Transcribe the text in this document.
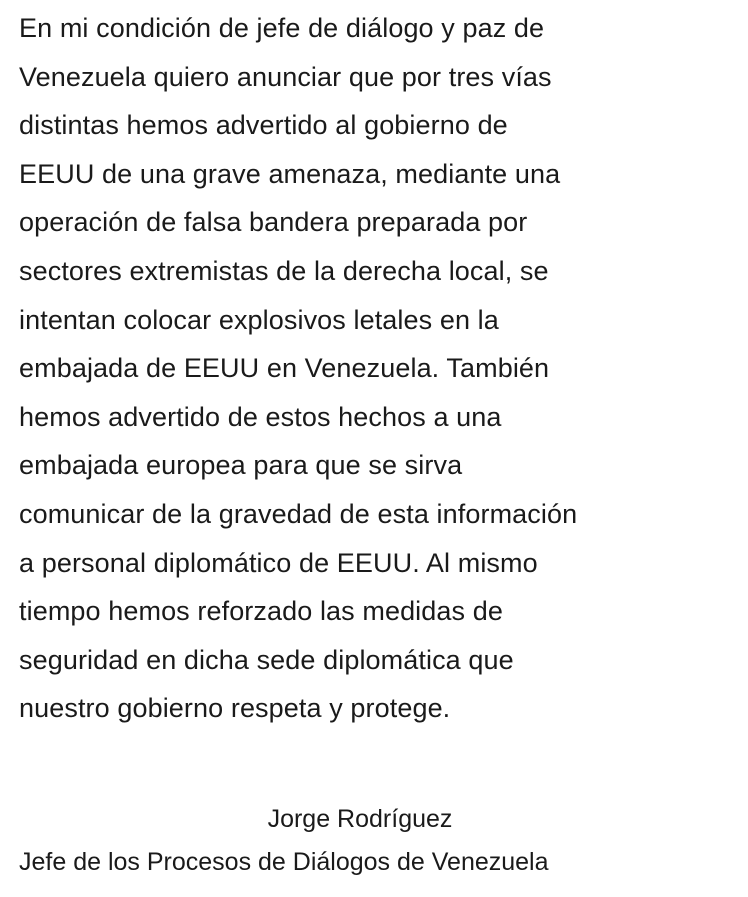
En mi condición de jefe de diálogo y paz de
Venezuela quiero anunciar que por tres vías
distintas hemos advertido al gobierno de
EEUU de una grave amenaza, mediante una
operación de falsa bandera preparada por
sectores extremistas de la derecha local, se
intentan colocar explosivos letales en la
embajada de EEUU en Venezuela. También
hemos advertido de estos hechos a una
embajada europea para que se sirva
comunicar de la gravedad de esta información
a personal diplomático de EEUU. Al mismo
tiempo hemos reforzado las medidas de
seguridad en dicha sede diplomática que
nuestro gobierno respeta y protege.

Jorge Rodríguez
Jefe de los Procesos de Diálogos de Venezuela
